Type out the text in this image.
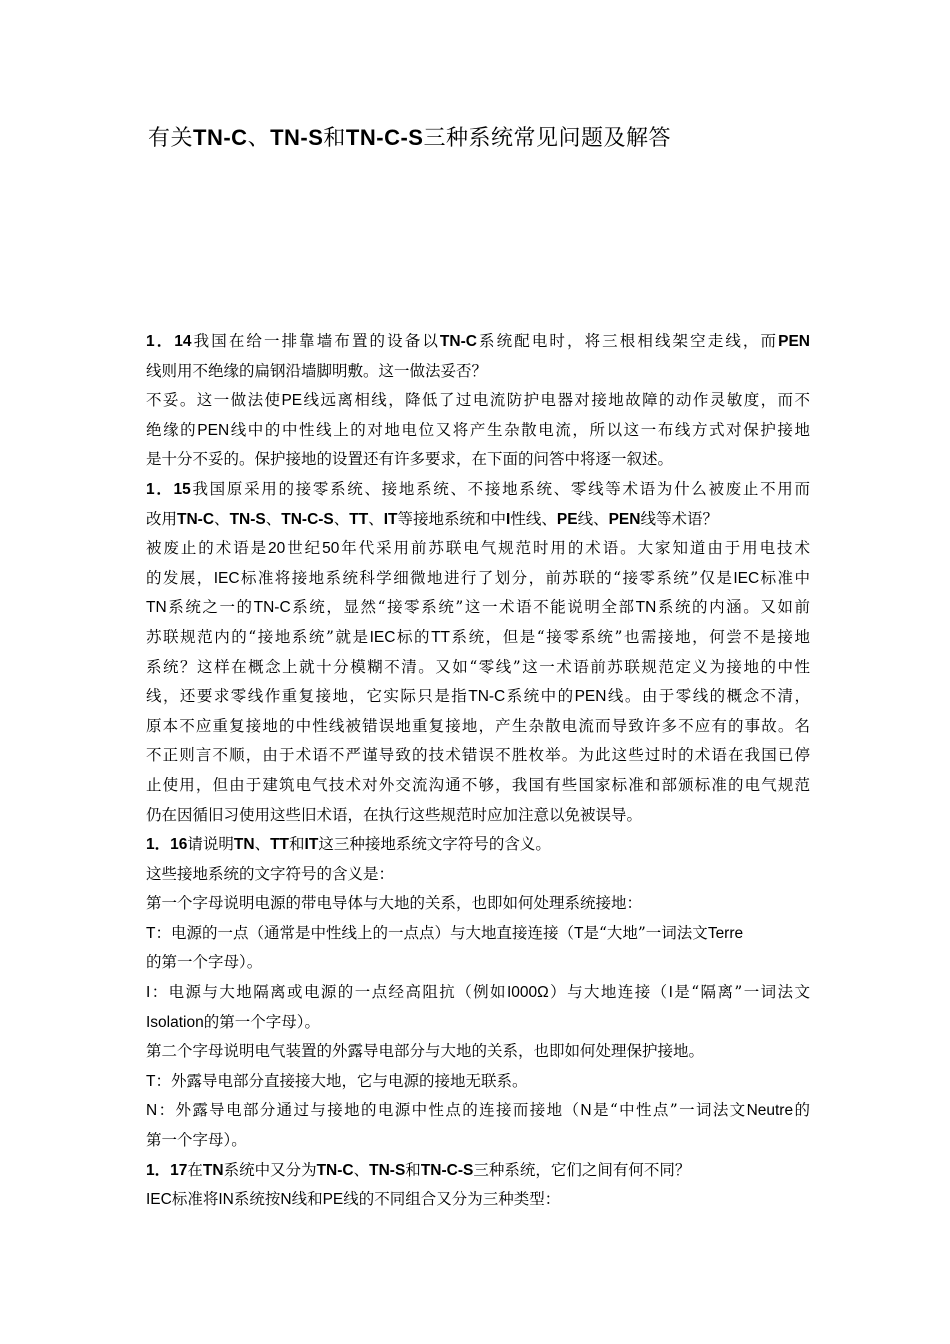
有关TN-C、TN-S和TN-C-S三种系统常见问题及解答
1．14我国在给一排靠墙布置的设备以TN-C系统配电时，将三根相线架空走线，而PEN
线则用不绝缘的扁钢沿墙脚明敷。这一做法妥否？
不妥。这一做法使PE线远离相线，降低了过电流防护电器对接地故障的动作灵敏度，而不
绝缘的PEN线中的中性线上的对地电位又将产生杂散电流，所以这一布线方式对保护接地
是十分不妥的。保护接地的设置还有许多要求，在下面的问答中将逐一叙述。
1．15我国原采用的接零系统、接地系统、不接地系统、零线等术语为什么被废止不用而
改用TN-C、TN-S、TN-C-S、TT、IT等接地系统和中I性线、PE线、PEN线等术语？
被废止的术语是20世纪50年代采用前苏联电气规范时用的术语。大家知道由于用电技术
的发展，IEC标准将接地系统科学细微地进行了划分，前苏联的“接零系统”仅是IEC标准中
TN系统之一的TN-C系统，显然“接零系统”这一术语不能说明全部TN系统的内涵。又如前
苏联规范内的“接地系统”就是IEC标的TT系统，但是“接零系统”也需接地，何尝不是接地
系统？这样在概念上就十分模糊不清。又如“零线”这一术语前苏联规范定义为接地的中性
线，还要求零线作重复接地，它实际只是指TN-C系统中的PEN线。由于零线的概念不清，
原本不应重复接地的中性线被错误地重复接地，产生杂散电流而导致许多不应有的事故。名
不正则言不顺，由于术语不严谨导致的技术错误不胜枚举。为此这些过时的术语在我国已停
止使用，但由于建筑电气技术对外交流沟通不够，我国有些国家标准和部颁标准的电气规范
仍在因循旧习使用这些旧术语，在执行这些规范时应加注意以免被误导。
1．16请说明TN、TT和IT这三种接地系统文字符号的含义。
这些接地系统的文字符号的含义是：
第一个字母说明电源的带电导体与大地的关系，也即如何处理系统接地：
T：电源的一点（通常是中性线上的一点点）与大地直接连接（T是“大地”一词法文Terre
的第一个字母）。
I：电源与大地隔离或电源的一点经高阻抗（例如I000Ω）与大地连接（I是“隔离”一词法文
Isolation的第一个字母）。
第二个字母说明电气装置的外露导电部分与大地的关系，也即如何处理保护接地。
T：外露导电部分直接接大地，它与电源的接地无联系。
N：外露导电部分通过与接地的电源中性点的连接而接地（N是“中性点”一词法文Neutre的
第一个字母）。
1．17在TN系统中又分为TN-C、TN-S和TN-C-S三种系统，它们之间有何不同？
IEC标准将IN系统按N线和PE线的不同组合又分为三种类型：
